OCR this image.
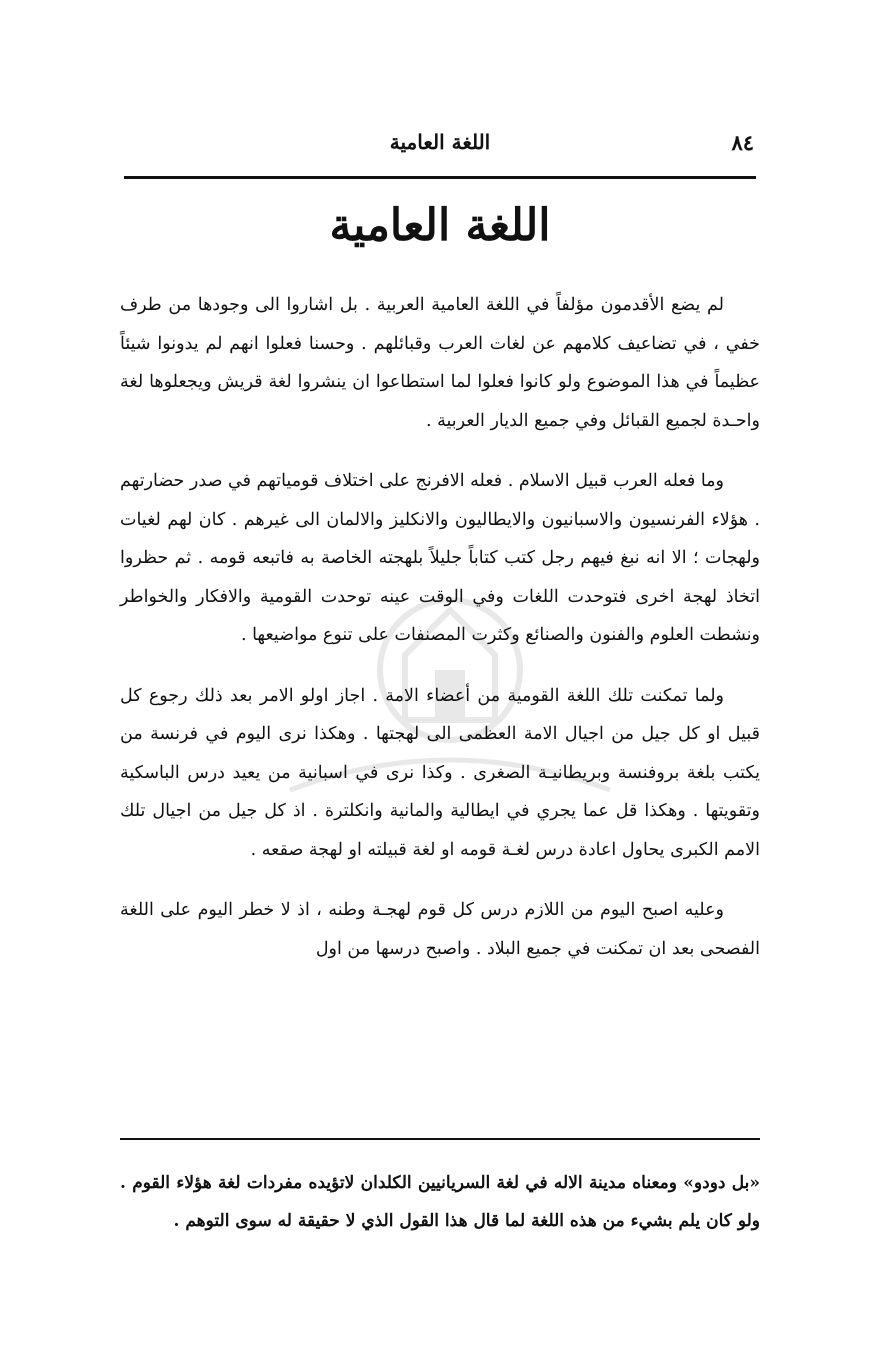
اللغة العامية	٨٤
اللغة العامية

لم يضع الأقدمون مؤلفاً في اللغة العامية العربية . بل اشاروا الى وجودها من طرف خفي ، في تضاعيف كلامهم عن لغات العرب وقبائلهم . وحسنا فعلوا انهم لم يدونوا شيئاً عظيماً في هذا الموضوع ولو كانوا فعلوا لما استطاعوا ان ينشروا لغة قريش ويجعلوها لغة واحـدة لجميع القبائل وفي جميع الديار العربية .

وما فعله العرب قبيل الاسلام . فعله الافرنج على اختلاف قومياتهم في صدر حضارتهم . هؤلاء الفرنسيون والاسبانيون والايطاليون والانكليز والالمان الى غيرهم . كان لهم لغيات ولهجات ؛ الا انه نبغ فيهم رجل كتب كتاباً جليلاً بلهجته الخاصة به فاتبعه قومه . ثم حظروا اتخاذ لهجة اخرى فتوحدت اللغات وفي الوقت عينه توحدت القومية والافكار والخواطر ونشطت العلوم والفنون والصنائع وكثرت المصنفات على تنوع مواضيعها .

ولما تمكنت تلك اللغة القومية من أعضاء الامة . اجاز اولو الامر بعد ذلك رجوع كل قبيل او كل جيل من اجيال الامة العظمى الى لهجتها . وهكذا نرى اليوم في فرنسة من يكتب بلغة بروفنسة وبريطانيـة الصغرى . وكذا نرى في اسبانية من يعيد درس الباسكية وتقويتها . وهكذا قل عما يجري في ايطالية والمانية وانكلترة . اذ كل جيل من اجيال تلك الامم الكبرى يحاول اعادة درس لغـة قومه او لغة قبيلته او لهجة صقعه .

وعليه اصبح اليوم من اللازم درس كل قوم لهجـة وطنه ، اذ لا خطر اليوم على اللغة الفصحى بعد ان تمكنت في جميع البلاد . واصبح درسها من اول

«بل دودو» ومعناه مدينة الاله في لغة السريانيين الكلدان لاتؤيده مفردات لغة هؤلاء القوم . ولو كان يلم بشيء من هذه اللغة لما قال هذا القول الذي لا حقيقة له سوى التوهم .
